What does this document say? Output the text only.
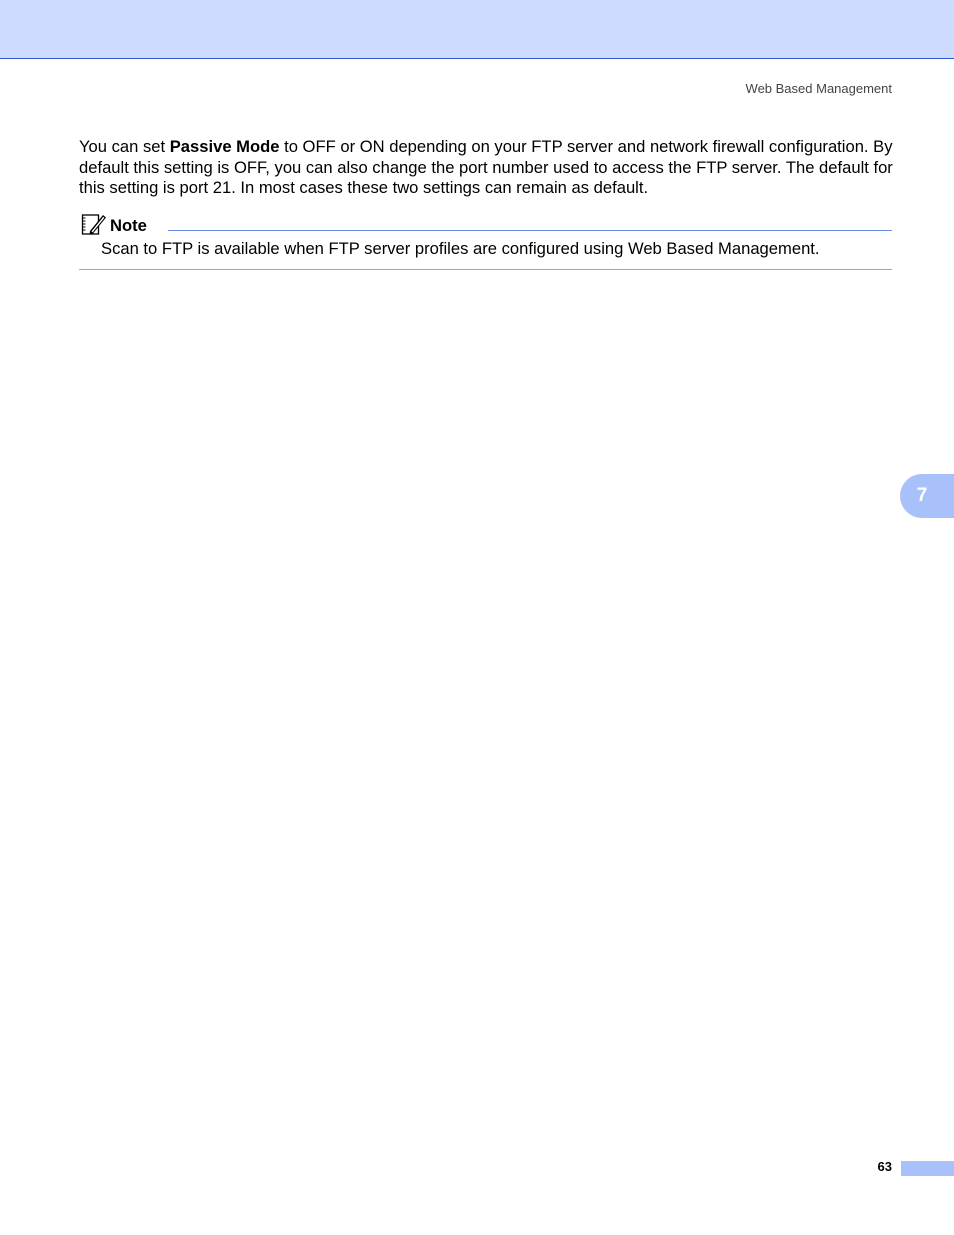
Web Based Management

You can set Passive Mode to OFF or ON depending on your FTP server and network firewall configuration. By default this setting is OFF, you can also change the port number used to access the FTP server. The default for this setting is port 21. In most cases these two settings can remain as default.

Note

Scan to FTP is available when FTP server profiles are configured using Web Based Management.

7
63
